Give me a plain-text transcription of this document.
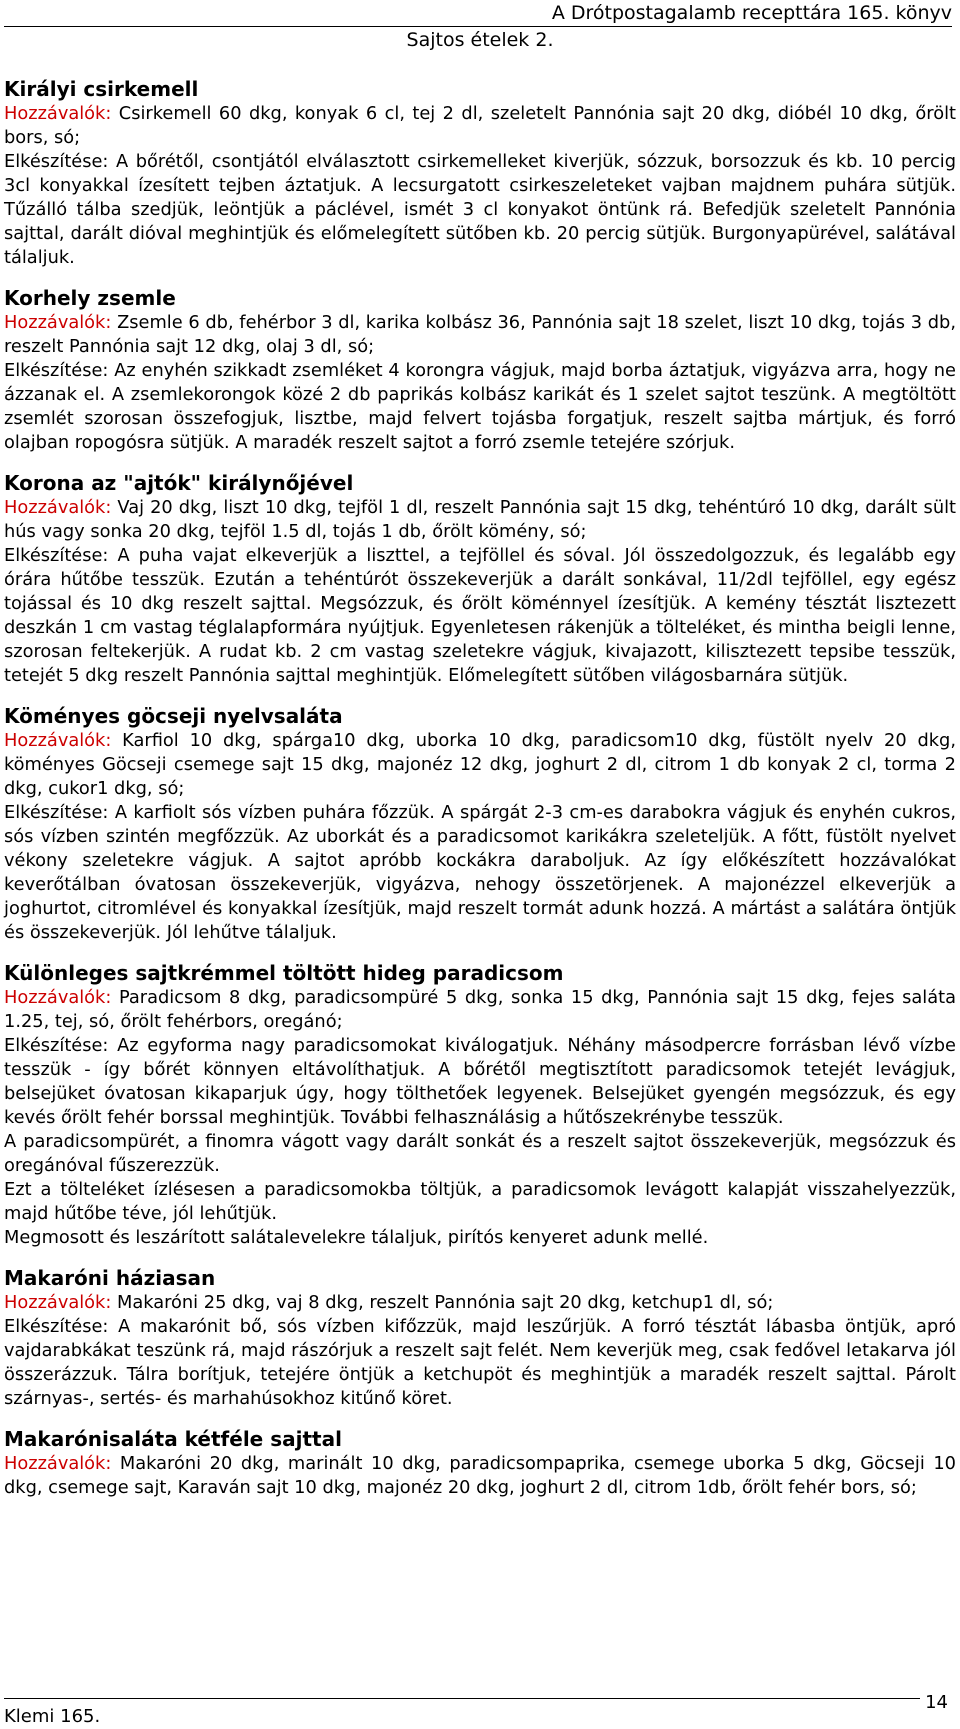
A Drótpostagalamb recepttára 165. könyv
Sajtos ételek 2.
Királyi csirkemell

Hozzávalók: Csirkemell 60 dkg, konyak 6 cl, tej 2 dl, szeletelt Pannónia sajt 20 dkg, dióbél 10 dkg, őrölt bors, só;

Elkészítése: A bőrétől, csontjától elválasztott csirkemelleket kiverjük, sózzuk, borsozzuk és kb. 10 percig 3cl konyakkal ízesített tejben áztatjuk. A lecsurgatott csirkeszeleteket vajban majdnem puhára sütjük. Tűzálló tálba szedjük, leöntjük a páclével, ismét 3 cl konyakot öntünk rá. Befedjük szeletelt Pannónia sajttal, darált dióval meghintjük és előmelegített sütőben kb. 20 percig sütjük. Burgonyapürével, salátával tálaljuk.

Korhely zsemle

Hozzávalók: Zsemle 6 db, fehérbor 3 dl, karika kolbász 36, Pannónia sajt 18 szelet, liszt 10 dkg, tojás 3 db, reszelt Pannónia sajt 12 dkg, olaj 3 dl, só;

Elkészítése: Az enyhén szikkadt zsemléket 4 korongra vágjuk, majd borba áztatjuk, vigyázva arra, hogy ne ázzanak el. A zsemlekorongok közé 2 db paprikás kolbász karikát és 1 szelet sajtot teszünk. A megtöltött zsemlét szorosan összefogjuk, lisztbe, majd felvert tojásba forgatjuk, reszelt sajtba mártjuk, és forró olajban ropogósra sütjük. A maradék reszelt sajtot a forró zsemle tetejére szórjuk.

Korona az "ajtók" királynőjével

Hozzávalók: Vaj 20 dkg, liszt 10 dkg, tejföl 1 dl, reszelt Pannónia sajt 15 dkg, tehéntúró 10 dkg, darált sült hús vagy sonka 20 dkg, tejföl 1.5 dl, tojás 1 db, őrölt kömény, só;

Elkészítése: A puha vajat elkeverjük a liszttel, a tejföllel és sóval. Jól összedolgozzuk, és legalább egy órára hűtőbe tesszük. Ezután a tehéntúrót összekeverjük a darált sonkával, 11/2dl tejföllel, egy egész tojással és 10 dkg reszelt sajttal. Megsózzuk, és őrölt köménnyel ízesítjük. A kemény tésztát lisztezett deszkán 1 cm vastag téglalapformára nyújtjuk. Egyenletesen rákenjük a tölteléket, és mintha beigli lenne, szorosan feltekerjük. A rudat kb. 2 cm vastag szeletekre vágjuk, kivajazott, kilisztezett tepsibe tesszük, tetejét 5 dkg reszelt Pannónia sajttal meghintjük. Előmelegített sütőben világosbarnára sütjük.

Köményes göcseji nyelvsaláta

Hozzávalók: Karfiol 10 dkg, spárga10 dkg, uborka 10 dkg, paradicsom10 dkg, füstölt nyelv 20 dkg, köményes Göcseji csemege sajt 15 dkg, majonéz 12 dkg, joghurt 2 dl, citrom 1 db konyak 2 cl, torma 2 dkg, cukor1 dkg, só;

Elkészítése: A karfiolt sós vízben puhára főzzük. A spárgát 2-3 cm-es darabokra vágjuk és enyhén cukros, sós vízben szintén megfőzzük. Az uborkát és a paradicsomot karikákra szeleteljük. A főtt, füstölt nyelvet vékony szeletekre vágjuk. A sajtot apróbb kockákra daraboljuk. Az így előkészített hozzávalókat keverőtálban óvatosan összekeverjük, vigyázva, nehogy összetörjenek. A majonézzel elkeverjük a joghurtot, citromlével és konyakkal ízesítjük, majd reszelt tormát adunk hozzá. A mártást a salátára öntjük és összekeverjük. Jól lehűtve tálaljuk.

Különleges sajtkrémmel töltött hideg paradicsom

Hozzávalók: Paradicsom 8 dkg, paradicsompüré 5 dkg, sonka 15 dkg, Pannónia sajt 15 dkg, fejes saláta 1.25, tej, só, őrölt fehérbors, oregánó;

Elkészítése: Az egyforma nagy paradicsomokat kiválogatjuk. Néhány másodpercre forrásban lévő vízbe tesszük - így bőrét könnyen eltávolíthatjuk. A bőrétől megtisztított paradicsomok tetejét levágjuk, belsejüket óvatosan kikaparjuk úgy, hogy tölthetőek legyenek. Belsejüket gyengén megsózzuk, és egy kevés őrölt fehér borssal meghintjük. További felhasználásig a hűtőszekrénybe tesszük.

A paradicsompürét, a finomra vágott vagy darált sonkát és a reszelt sajtot összekeverjük, megsózzuk és oregánóval fűszerezzük.

Ezt a tölteléket ízlésesen a paradicsomokba töltjük, a paradicsomok levágott kalapját visszahelyezzük, majd hűtőbe téve, jól lehűtjük.

Megmosott és leszárított salátalevelekre tálaljuk, pirítós kenyeret adunk mellé.

Makaróni háziasan

Hozzávalók: Makaróni 25 dkg, vaj 8 dkg, reszelt Pannónia sajt 20 dkg, ketchup1 dl, só;

Elkészítése: A makarónit bő, sós vízben kifőzzük, majd leszűrjük. A forró tésztát lábasba öntjük, apró vajdarabkákat teszünk rá, majd rászórjuk a reszelt sajt felét. Nem keverjük meg, csak fedővel letakarva jól összerázzuk. Tálra borítjuk, tetejére öntjük a ketchupöt és meghintjük a maradék reszelt sajttal. Párolt szárnyas-, sertés- és marhahúsokhoz kitűnő köret.

Makarónisaláta kétféle sajttal

Hozzávalók: Makaróni 20 dkg, marinált 10 dkg, paradicsompaprika, csemege uborka 5 dkg, Göcseji 10 dkg, csemege sajt, Karaván sajt 10 dkg, majonéz 20 dkg, joghurt 2 dl, citrom 1db, őrölt fehér bors, só;

Klemi 165.
14
